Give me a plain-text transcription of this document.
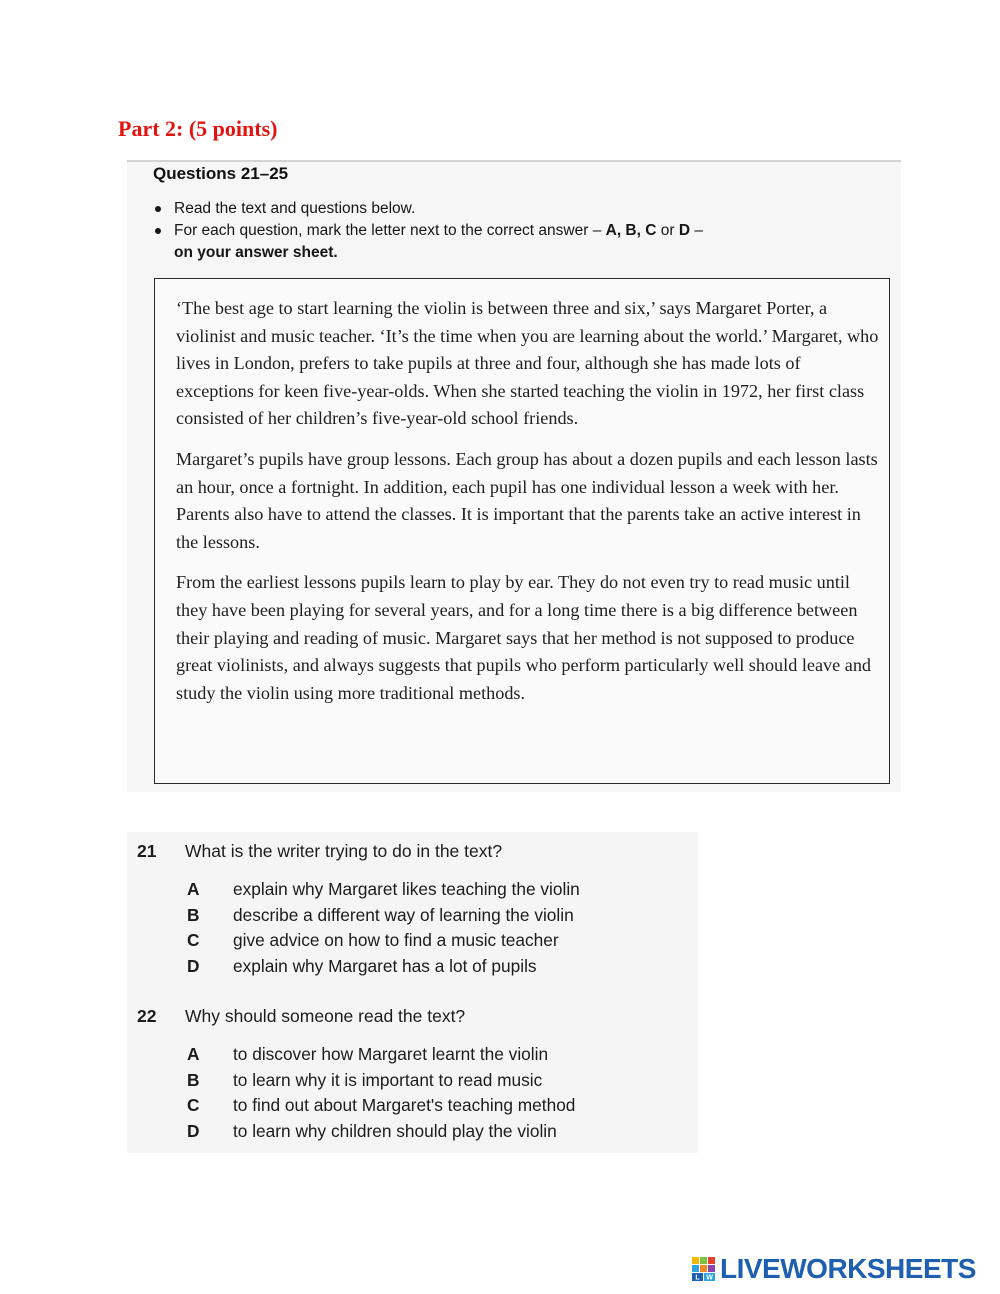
Part 2: (5 points)
Questions 21–25
Read the text and questions below.
For each question, mark the letter next to the correct answer – A, B, C or D –
on your answer sheet.

‘The best age to start learning the violin is between three and six,’ says Margaret Porter, a violinist and music teacher. ‘It’s the time when you are learning about the world.’ Margaret, who lives in London, prefers to take pupils at three and four, although she has made lots of exceptions for keen five-year-olds. When she started teaching the violin in 1972, her first class consisted of her children’s five-year-old school friends.

Margaret’s pupils have group lessons. Each group has about a dozen pupils and each lesson lasts an hour, once a fortnight. In addition, each pupil has one individual lesson a week with her. Parents also have to attend the classes. It is important that the parents take an active interest in the lessons.

From the earliest lessons pupils learn to play by ear. They do not even try to read music until they have been playing for several years, and for a long time there is a big difference between their playing and reading of music. Margaret says that her method is not supposed to produce great violinists, and always suggests that pupils who perform particularly well should leave and study the violin using more traditional methods.

21	What is the writer trying to do in the text?
A	explain why Margaret likes teaching the violin
B	describe a different way of learning the violin
C	give advice on how to find a music teacher
D	explain why Margaret has a lot of pupils
22	Why should someone read the text?
A	to discover how Margaret learnt the violin
B	to learn why it is important to read music
C	to find out about Margaret's teaching method
D	to learn why children should play the violin
L W LIVEWORKSHEETS
